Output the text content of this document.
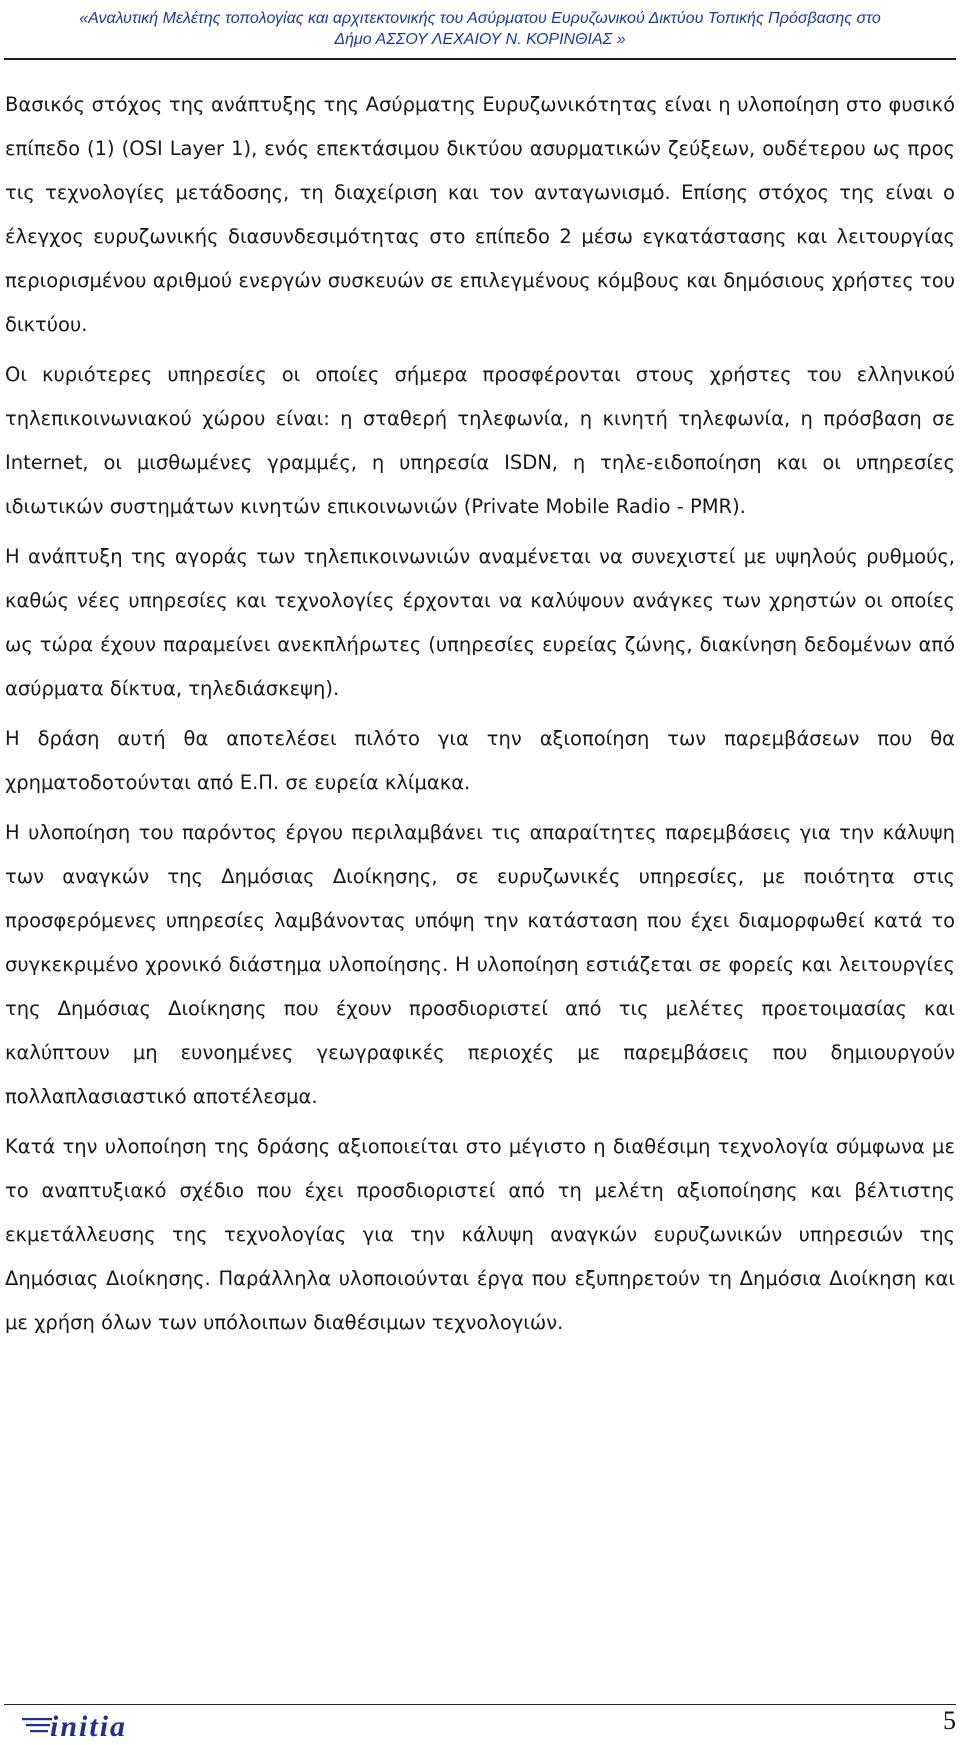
«Αναλυτική Μελέτης τοπολογίας και αρχιτεκτονικής του Ασύρματου Ευρυζωνικού Δικτύου Τοπικής Πρόσβασης στο
Δήμο ΑΣΣΟΥ ΛΕΧΑΙΟΥ Ν. ΚΟΡΙΝΘΙΑΣ »

Βασικός στόχος της ανάπτυξης της Ασύρματης Ευρυζωνικότητας είναι η υλοποίηση στο φυσικό επίπεδο (1) (OSI Layer 1), ενός επεκτάσιμου δικτύου ασυρματικών ζεύξεων, ουδέτερου ως προς τις τεχνολογίες μετάδοσης, τη διαχείριση και τον ανταγωνισμό. Επίσης στόχος της είναι ο έλεγχος ευρυζωνικής διασυνδεσιμότητας στο επίπεδο 2 μέσω εγκατάστασης και λειτουργίας περιορισμένου αριθμού ενεργών συσκευών σε επιλεγμένους κόμβους και δημόσιους χρήστες του δικτύου.

Οι κυριότερες υπηρεσίες οι οποίες σήμερα προσφέρονται στους χρήστες του ελληνικού τηλεπικοινωνιακού χώρου είναι: η σταθερή τηλεφωνία, η κινητή τηλεφωνία, η πρόσβαση σε Internet, οι μισθωμένες γραμμές, η υπηρεσία ISDN, η τηλε-ειδοποίηση και οι υπηρεσίες ιδιωτικών συστημάτων κινητών επικοινωνιών (Private Mobile Radio - PMR).

Η ανάπτυξη της αγοράς των τηλεπικοινωνιών αναμένεται να συνεχιστεί με υψηλούς ρυθμούς, καθώς νέες υπηρεσίες και τεχνολογίες έρχονται να καλύψουν ανάγκες των χρηστών οι οποίες ως τώρα έχουν παραμείνει ανεκπλήρωτες (υπηρεσίες ευρείας ζώνης, διακίνηση δεδομένων από ασύρματα δίκτυα, τηλεδιάσκεψη).

Η δράση αυτή θα αποτελέσει πιλότο για την αξιοποίηση των παρεμβάσεων που θα χρηματοδοτούνται από Ε.Π. σε ευρεία κλίμακα.

Η υλοποίηση του παρόντος έργου περιλαμβάνει τις απαραίτητες παρεμβάσεις για την κάλυψη των αναγκών της Δημόσιας Διοίκησης, σε ευρυζωνικές υπηρεσίες, με ποιότητα στις προσφερόμενες υπηρεσίες λαμβάνοντας υπόψη την κατάσταση που έχει διαμορφωθεί κατά το συγκεκριμένο χρονικό διάστημα υλοποίησης. Η υλοποίηση εστιάζεται σε φορείς και λειτουργίες της Δημόσιας Διοίκησης που έχουν προσδιοριστεί από τις μελέτες προετοιμασίας και καλύπτουν μη ευνοημένες γεωγραφικές περιοχές με παρεμβάσεις που δημιουργούν πολλαπλασιαστικό αποτέλεσμα.

Κατά την υλοποίηση της δράσης αξιοποιείται στο μέγιστο η διαθέσιμη τεχνολογία σύμφωνα με το αναπτυξιακό σχέδιο που έχει προσδιοριστεί από τη μελέτη αξιοποίησης και βέλτιστης εκμετάλλευσης της τεχνολογίας για την κάλυψη αναγκών ευρυζωνικών υπηρεσιών της Δημόσιας Διοίκησης. Παράλληλα υλοποιούνται έργα που εξυπηρετούν τη Δημόσια Διοίκηση και με χρήση όλων των υπόλοιπων διαθέσιμων τεχνολογιών.

initia	5
